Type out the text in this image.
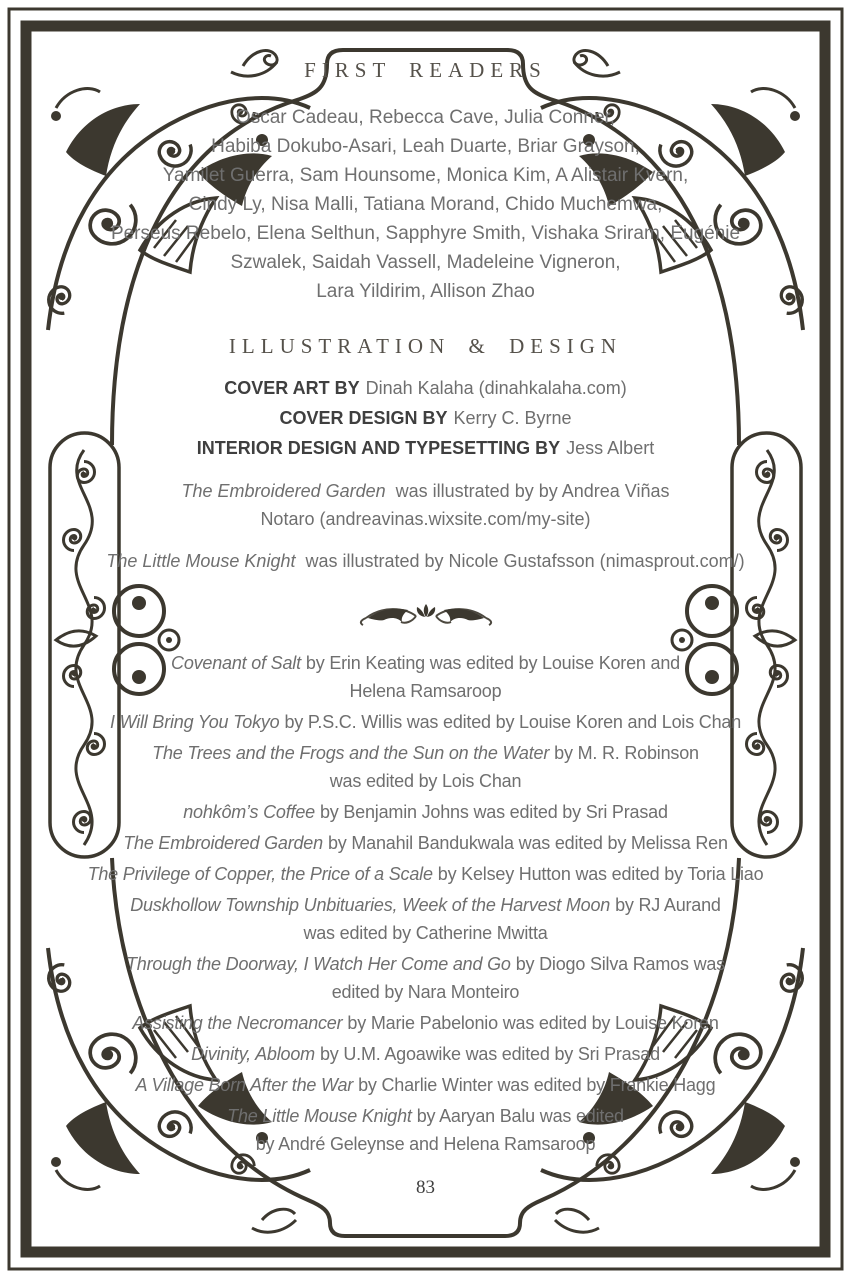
FIRST READERS
Oscar Cadeau, Rebecca Cave, Julia Conner,
Habiba Dokubo-Asari, Leah Duarte, Briar Grayson,
Yamilet Guerra, Sam Hounsome, Monica Kim, A Alistair Kvern,
Cindy Ly, Nisa Malli, Tatiana Morand, Chido Muchemwa,
Perseus Rebelo, Elena Selthun, Sapphyre Smith, Vishaka Sriram, Eugénie
Szwalek, Saidah Vassell, Madeleine Vigneron,
Lara Yildirim, Allison Zhao
ILLUSTRATION & DESIGN
COVER ART BY Dinah Kalaha (dinahkalaha.com)
COVER DESIGN BY Kerry C. Byrne
INTERIOR DESIGN AND TYPESETTING BY Jess Albert
The Embroidered Garden was illustrated by by Andrea Viñas
Notaro (andreavinas.wixsite.com/my-site)
The Little Mouse Knight was illustrated by Nicole Gustafsson (nimasprout.com/)
Covenant of Salt by Erin Keating was edited by Louise Koren and
Helena Ramsaroop
I Will Bring You Tokyo by P.S.C. Willis was edited by Louise Koren and Lois Chan
The Trees and the Frogs and the Sun on the Water by M. R. Robinson
was edited by Lois Chan
nohkôm’s Coffee by Benjamin Johns was edited by Sri Prasad
The Embroidered Garden by Manahil Bandukwala was edited by Melissa Ren
The Privilege of Copper, the Price of a Scale by Kelsey Hutton was edited by Toria Liao
Duskhollow Township Unbituaries, Week of the Harvest Moon by RJ Aurand
was edited by Catherine Mwitta
Through the Doorway, I Watch Her Come and Go by Diogo Silva Ramos was
edited by Nara Monteiro
Assisting the Necromancer by Marie Pabelonio was edited by Louise Koren
Divinity, Abloom by U.M. Agoawike was edited by Sri Prasad
A Village Born After the War by Charlie Winter was edited by Frankie Hagg
The Little Mouse Knight by Aaryan Balu was edited
by André Geleynse and Helena Ramsaroop
83
